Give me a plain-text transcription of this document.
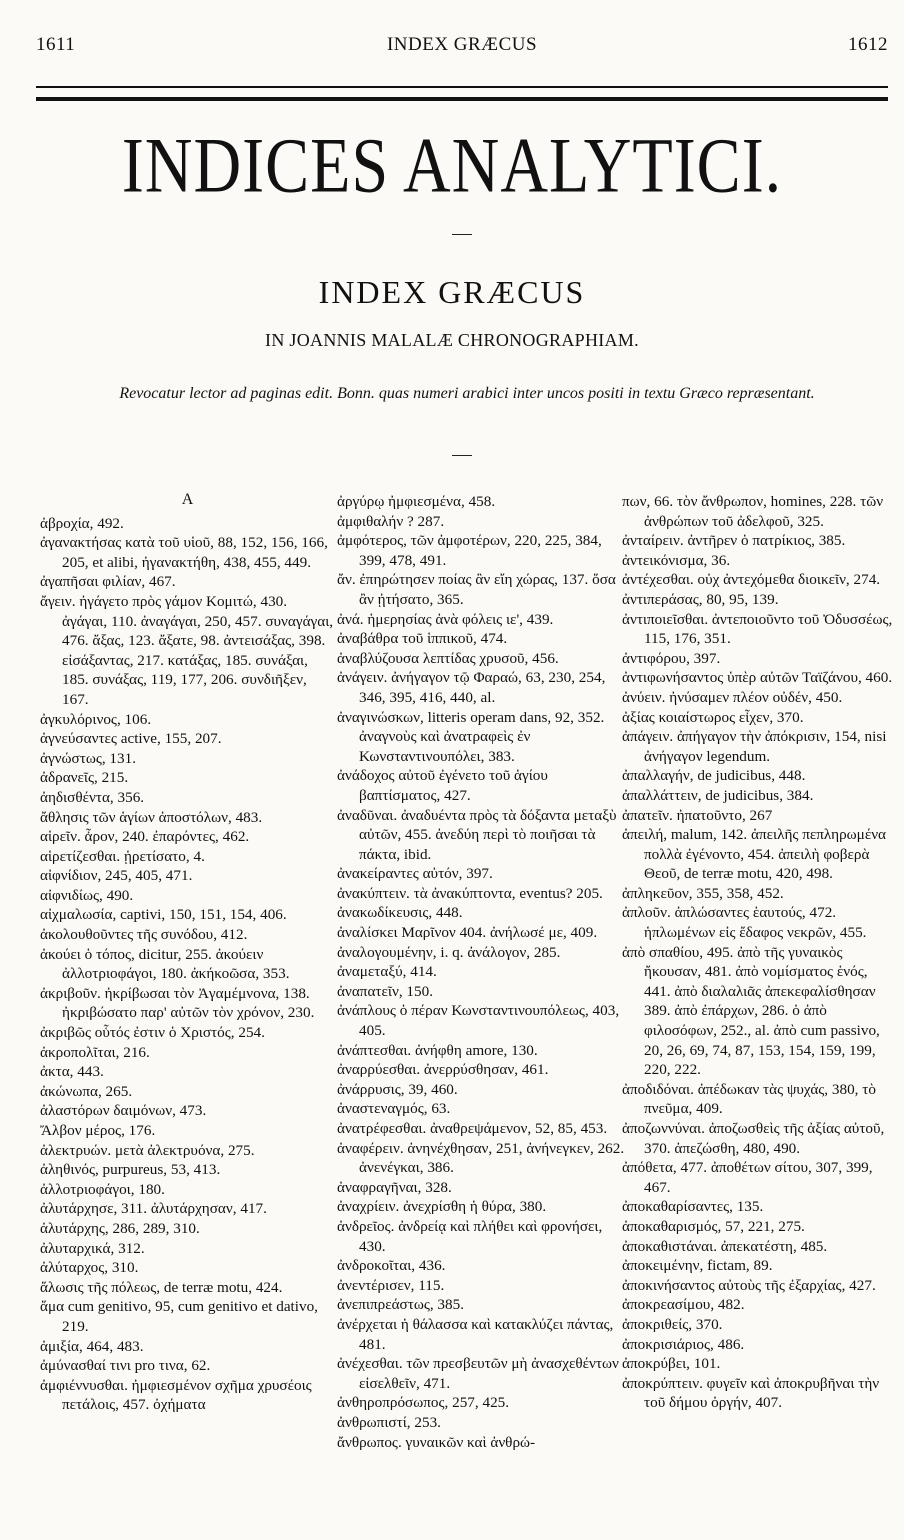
1611	INDEX GRÆCUS	1612
INDICES ANALYTICI.
INDEX GRÆCUS
IN JOANNIS MALALÆ CHRONOGRAPHIAM.
Revocatur lector ad paginas edit. Bonn. quas numeri arabici inter uncos positi in textu Græco repræsentant.
A
ἀβροχία, 492.
ἀγανακτήσας κατὰ τοῦ υἱοῦ, 88, 152, 156, 166, 205, et alibi, ἠγανακτήθη, 438, 455, 449.
ἀγαπῆσαι φιλίαν, 467.
ἄγειν. ἠγάγετο πρὸς γάμον Κομιτώ, 430. ἀγάγαι, 110. ἀναγάγαι, 250, 457. συναγάγαι, 476. ἄξας, 123. ἄξατε, 98. ἀντεισάξας, 398. εἰσάξαντας, 217. κατάξας, 185. συνάξαι, 185. συνάξας, 119, 177, 206. συνδιῆξεν, 167.
ἀγκυλόρινος, 106.
ἀγνεύσαντες active, 155, 207.
ἀγνώστως, 131.
ἀδρανεῖς, 215.
ἀηδισθέντα, 356.
ἄθλησις τῶν ἁγίων ἀποστόλων, 483.
αἱρεῖν. ἆρον, 240. ἐπαρόντες, 462.
αἱρετίζεσθαι. ᾑρετίσατο, 4.
αἰφνίδιον, 245, 405, 471.
αἰφνιδίως, 490.
αἰχμαλωσία, captivi, 150, 151, 154, 406.
ἀκολουθοῦντες τῆς συνόδου, 412.
ἀκούει ὁ τόπος, dicitur, 255. ἀκούειν ἀλλοτριοφάγοι, 180. ἀκήκοῶσα, 353.
ἀκριβοῦν. ἠκρίβωσαι τὸν Ἀγαμέμνονα, 138. ἠκριβώσατο παρ' αὐτῶν τὸν χρόνον, 230.
ἀκριβῶς οὗτός ἐστιν ὁ Χριστός, 254.
ἀκροπολῖται, 216.
ἀκτα, 443.
ἀκώνωπα, 265.
ἀλαστόρων δαιμόνων, 473.
Ἄλβον μέρος, 176.
ἀλεκτρυών. μετὰ ἀλεκτρυόνα, 275.
ἀληθινός, purpureus, 53, 413.
ἀλλοτριοφάγοι, 180.
ἀλυτάρχησε, 311. ἀλυτάρχησαν, 417.
ἀλυτάρχης, 286, 289, 310.
ἀλυταρχικά, 312.
ἀλύταρχος, 310.
ἅλωσις τῆς πόλεως, de terræ motu, 424.
ἅμα cum genitivo, 95, cum genitivo et dativo, 219.
ἀμιξία, 464, 483.
ἀμύνασθαί τινι pro τινα, 62.
ἀμφιέννυσθαι. ἠμφιεσμένον σχῆμα χρυσέοις πετάλοις, 457. ὀχήματα
ἀργύρῳ ἠμφιεσμένα, 458.
ἀμφιθαλήν ? 287.
ἀμφότερος, τῶν ἀμφοτέρων, 220, 225, 384, 399, 478, 491.
ἄν. ἐπηρώτησεν ποίας ἂν εἴη χώρας, 137. ὅσα ἂν ᾐτήσατο, 365.
ἀνά. ἡμερησίας ἀνὰ φόλεις ιε', 439.
ἀναβάθρα τοῦ ἱππικοῦ, 474.
ἀναβλύζουσα λεπτίδας χρυσοῦ, 456.
ἀνάγειν. ἀνήγαγον τῷ Φαραώ, 63, 230, 254, 346, 395, 416, 440, al.
ἀναγινώσκων, litteris operam dans, 92, 352. ἀναγνοὺς καὶ ἀνατραφεὶς ἐν Κωνσταντινουπόλει, 383.
ἀνάδοχος αὐτοῦ ἐγένετο τοῦ ἁγίου βαπτίσματος, 427.
ἀναδῦναι. ἀναδυέντα πρὸς τὰ δόξαντα μεταξὺ αὐτῶν, 455. ἀνεδύη περὶ τὸ ποιῆσαι τὰ πάκτα, ibid.
ἀνακείραντες αὐτόν, 397.
ἀνακύπτειν. τὰ ἀνακύπτοντα, eventus? 205.
ἀνακωδίκευσις, 448.
ἀναλίσκει Μαρῖνον 404. ἀνήλωσέ με, 409.
ἀναλογουμένην, i. q. ἀνάλογον, 285.
ἀναμεταξύ, 414.
ἀναπατεῖν, 150.
ἀνάπλους ὁ πέραν Κωνσταντινουπόλεως, 403, 405.
ἀνάπτεσθαι. ἀνήφθη amore, 130.
ἀναρρύεσθαι. ἀνερρύσθησαν, 461.
ἀνάρρυσις, 39, 460.
ἀναστεναγμός, 63.
ἀνατρέφεσθαι. ἀναθρεψάμενον, 52, 85, 453.
ἀναφέρειν. ἀνηνέχθησαν, 251, ἀνήνεγκεν, 262. ἀνενέγκαι, 386.
ἀναφραγῆναι, 328.
ἀναχρίειν. ἀνεχρίσθη ἡ θύρα, 380.
ἀνδρεῖος. ἀνδρείᾳ καὶ πλήθει καὶ φρονήσει, 430.
ἀνδροκοῖται, 436.
ἀνεντέρισεν, 115.
ἀνεπιπρεάστως, 385.
ἀνέρχεται ἡ θάλασσα καὶ κατακλύζει πάντας, 481.
ἀνέχεσθαι. τῶν πρεσβευτῶν μὴ ἀνασχεθέντων εἰσελθεῖν, 471.
ἀνθηροπρόσωπος, 257, 425.
ἀνθρωπιστί, 253.
ἄνθρωπος. γυναικῶν καὶ ἀνθρώ-
πων, 66. τὸν ἄνθρωπον, homines, 228. τῶν ἀνθρώπων τοῦ ἀδελφοῦ, 325.
ἀνταίρειν. ἀντῆρεν ὁ πατρίκιος, 385.
ἀντεικόνισμα, 36.
ἀντέχεσθαι. οὐχ ἀντεχόμεθα διοικεῖν, 274.
ἀντιπεράσας, 80, 95, 139.
ἀντιποιεῖσθαι. ἀντεποιοῦντο τοῦ Ὀδυσσέως, 115, 176, 351.
ἀντιφόρου, 397.
ἀντιφωνήσαντος ὑπὲρ αὐτῶν Ταϊζάνου, 460.
ἀνύειν. ἠνύσαμεν πλέον οὐδέν, 450.
ἀξίας κοιαίστωρος εἶχεν, 370.
ἀπάγειν. ἀπήγαγον τὴν ἀπόκρισιν, 154, nisi ἀνήγαγον legendum.
ἀπαλλαγήν, de judicibus, 448.
ἀπαλλάττειν, de judicibus, 384.
ἀπατεῖν. ἠπατοῦντο, 267
ἀπειλή, malum, 142. ἀπειλῆς πεπληρωμένα πολλὰ ἐγένοντο, 454. ἀπειλὴ φοβερὰ Θεοῦ, de terræ motu, 420, 498.
ἀπληκεῦον, 355, 358, 452.
ἀπλοῦν. ἀπλώσαντες ἑαυτούς, 472. ἡπλωμένων εἰς ἔδαφος νεκρῶν, 455.
ἀπὸ σπαθίου, 495. ἀπὸ τῆς γυναικὸς ἤκουσαν, 481. ἀπὸ νομίσματος ἑνός, 441. ἀπὸ διαλαλιᾶς ἀπεκεφαλίσθησαν 389. ἀπὸ ἐπάρχων, 286. ὁ ἀπὸ φιλοσόφων, 252., al. ἀπὸ cum passivo, 20, 26, 69, 74, 87, 153, 154, 159, 199, 220, 222.
ἀποδιδόναι. ἀπέδωκαν τὰς ψυχάς, 380, τὸ πνεῦμα, 409.
ἀποζωννύναι. ἀποζωσθεὶς τῆς ἀξίας αὐτοῦ, 370. ἀπεζώσθη, 480, 490.
ἀπόθετα, 477. ἀποθέτων σίτου, 307, 399, 467.
ἀποκαθαρίσαντες, 135.
ἀποκαθαρισμός, 57, 221, 275.
ἀποκαθιστάναι. ἀπεκατέστη, 485.
ἀποκειμένην, fictam, 89.
ἀποκινήσαντος αὐτοὺς τῆς ἐξαρχίας, 427.
ἀποκρεασίμου, 482.
ἀποκριθείς, 370.
ἀποκρισιάριος, 486.
ἀποκρύβει, 101.
ἀποκρύπτειν. φυγεῖν καὶ ἀποκρυβῆναι τὴν τοῦ δήμου ὀργήν, 407.
